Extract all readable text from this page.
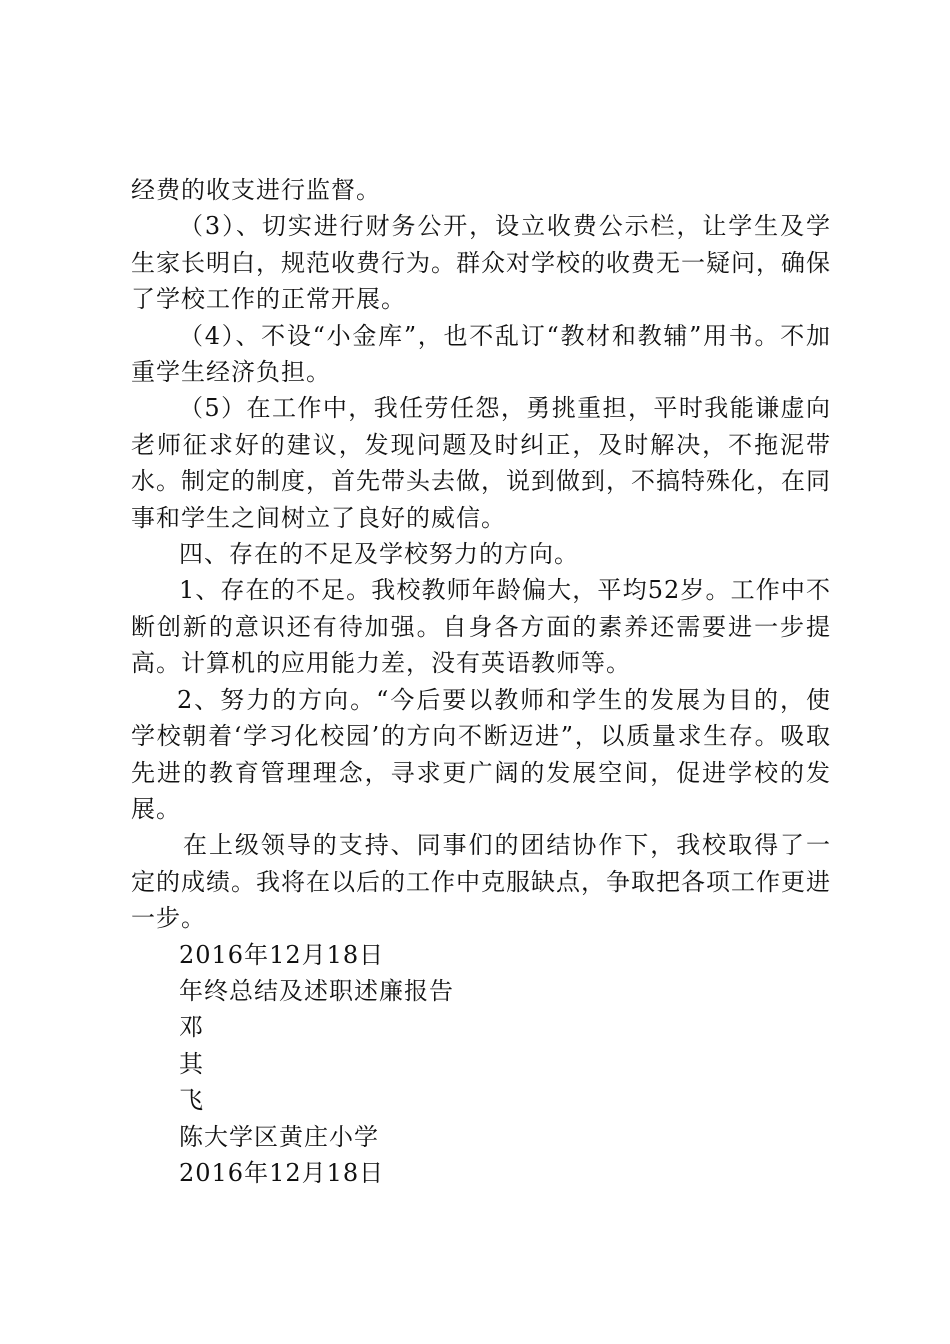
经费的收支进行监督。

（3）、切实进行财务公开，设立收费公示栏，让学生及学生家长明白，规范收费行为。群众对学校的收费无一疑问，确保了学校工作的正常开展。

（4）、不设“小金库”，也不乱订“教材和教辅”用书。不加重学生经济负担。

（5）在工作中，我任劳任怨，勇挑重担，平时我能谦虚向老师征求好的建议，发现问题及时纠正，及时解决，不拖泥带水。制定的制度，首先带头去做，说到做到，不搞特殊化，在同事和学生之间树立了良好的威信。

四、存在的不足及学校努力的方向。

1、存在的不足。我校教师年龄偏大，平均52岁。工作中不断创新的意识还有待加强。自身各方面的素养还需要进一步提高。计算机的应用能力差，没有英语教师等。

2、努力的方向。“今后要以教师和学生的发展为目的，使学校朝着‘学习化校园’的方向不断迈进”，以质量求生存。吸取先进的教育管理理念，寻求更广阔的发展空间，促进学校的发展。

在上级领导的支持、同事们的团结协作下，我校取得了一定的成绩。我将在以后的工作中克服缺点，争取把各项工作更进一步。

2016年12月18日
年终总结及述职述廉报告
邓
其
飞
陈大学区黄庄小学
2016年12月18日
